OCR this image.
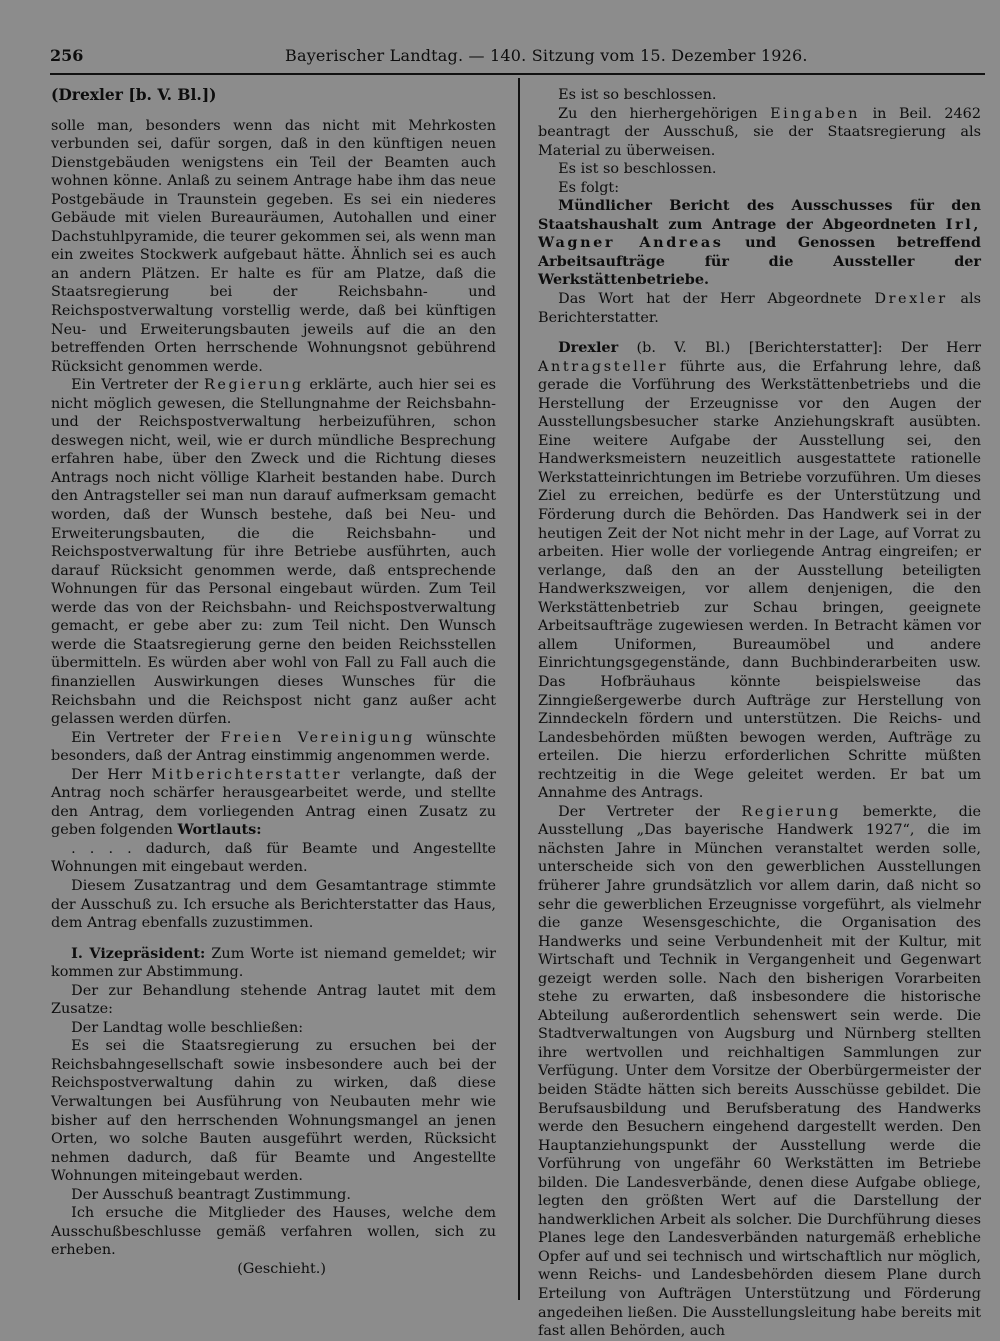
256	Bayerischer Landtag. — 140. Sitzung vom 15. Dezember 1926.

(Drexler [b. V. Bl.])

solle man, besonders wenn das nicht mit Mehrkosten verbunden sei, dafür sorgen, daß in den künftigen neuen Dienstgebäuden wenigstens ein Teil der Beamten auch wohnen könne. Anlaß zu seinem Antrage habe ihm das neue Postgebäude in Traunstein gegeben. Es sei ein niederes Gebäude mit vielen Bureauräumen, Autohallen und einer Dachstuhlpyramide, die teurer gekommen sei, als wenn man ein zweites Stockwerk aufgebaut hätte. Ähnlich sei es auch an andern Plätzen. Er halte es für am Platze, daß die Staatsregierung bei der Reichsbahn- und Reichspostverwaltung vorstellig werde, daß bei künftigen Neu- und Erweiterungsbauten jeweils auf die an den betreffenden Orten herrschende Wohnungsnot gebührend Rücksicht genommen werde.

Ein Vertreter der Regierung erklärte, auch hier sei es nicht möglich gewesen, die Stellungnahme der Reichsbahn- und der Reichspostverwaltung herbeizuführen, schon deswegen nicht, weil, wie er durch mündliche Besprechung erfahren habe, über den Zweck und die Richtung dieses Antrags noch nicht völlige Klarheit bestanden habe. Durch den Antragsteller sei man nun darauf aufmerksam gemacht worden, daß der Wunsch bestehe, daß bei Neu- und Erweiterungsbauten, die die Reichsbahn- und Reichspostverwaltung für ihre Betriebe ausführten, auch darauf Rücksicht genommen werde, daß entsprechende Wohnungen für das Personal eingebaut würden. Zum Teil werde das von der Reichsbahn- und Reichspostverwaltung gemacht, er gebe aber zu: zum Teil nicht. Den Wunsch werde die Staatsregierung gerne den beiden Reichsstellen übermitteln. Es würden aber wohl von Fall zu Fall auch die finanziellen Auswirkungen dieses Wunsches für die Reichsbahn und die Reichspost nicht ganz außer acht gelassen werden dürfen.

Ein Vertreter der Freien Vereinigung wünschte besonders, daß der Antrag einstimmig angenommen werde.

Der Herr Mitberichterstatter verlangte, daß der Antrag noch schärfer herausgearbeitet werde, und stellte den Antrag, dem vorliegenden Antrag einen Zusatz zu geben folgenden Wortlauts:

. . . . dadurch, daß für Beamte und Angestellte Wohnungen mit eingebaut werden.

Diesem Zusatzantrag und dem Gesamtantrage stimmte der Ausschuß zu. Ich ersuche als Berichterstatter das Haus, dem Antrag ebenfalls zuzustimmen.

I. Vizepräsident: Zum Worte ist niemand gemeldet; wir kommen zur Abstimmung.

Der zur Behandlung stehende Antrag lautet mit dem Zusatze:

Der Landtag wolle beschließen:

Es sei die Staatsregierung zu ersuchen bei der Reichsbahngesellschaft sowie insbesondere auch bei der Reichspostverwaltung dahin zu wirken, daß diese Verwaltungen bei Ausführung von Neubauten mehr wie bisher auf den herrschenden Wohnungsmangel an jenen Orten, wo solche Bauten ausgeführt werden, Rücksicht nehmen dadurch, daß für Beamte und Angestellte Wohnungen miteingebaut werden.

Der Ausschuß beantragt Zustimmung.

Ich ersuche die Mitglieder des Hauses, welche dem Ausschußbeschlusse gemäß verfahren wollen, sich zu erheben.

(Geschieht.)

Es ist so beschlossen.

Zu den hierhergehörigen Eingaben in Beil. 2462 beantragt der Ausschuß, sie der Staatsregierung als Material zu überweisen.

Es ist so beschlossen.

Es folgt:

Mündlicher Bericht des Ausschusses für den Staatshaushalt zum Antrage der Abgeordneten Irl, Wagner Andreas und Genossen betreffend Arbeitsaufträge für die Aussteller der Werkstättenbetriebe.

Das Wort hat der Herr Abgeordnete Drexler als Berichterstatter.

Drexler (b. V. Bl.) [Berichterstatter]: Der Herr Antragsteller führte aus, die Erfahrung lehre, daß gerade die Vorführung des Werkstättenbetriebs und die Herstellung der Erzeugnisse vor den Augen der Ausstellungsbesucher starke Anziehungskraft ausübten. Eine weitere Aufgabe der Ausstellung sei, den Handwerksmeistern neuzeitlich ausgestattete rationelle Werkstatteinrichtungen im Betriebe vorzuführen. Um dieses Ziel zu erreichen, bedürfe es der Unterstützung und Förderung durch die Behörden. Das Handwerk sei in der heutigen Zeit der Not nicht mehr in der Lage, auf Vorrat zu arbeiten. Hier wolle der vorliegende Antrag eingreifen; er verlange, daß den an der Ausstellung beteiligten Handwerkszweigen, vor allem denjenigen, die den Werkstättenbetrieb zur Schau bringen, geeignete Arbeitsaufträge zugewiesen werden. In Betracht kämen vor allem Uniformen, Bureaumöbel und andere Einrichtungsgegenstände, dann Buchbinderarbeiten usw. Das Hofbräuhaus könnte beispielsweise das Zinngießergewerbe durch Aufträge zur Herstellung von Zinndeckeln fördern und unterstützen. Die Reichs- und Landesbehörden müßten bewogen werden, Aufträge zu erteilen. Die hierzu erforderlichen Schritte müßten rechtzeitig in die Wege geleitet werden. Er bat um Annahme des Antrags.

Der Vertreter der Regierung bemerkte, die Ausstellung „Das bayerische Handwerk 1927“, die im nächsten Jahre in München veranstaltet werden solle, unterscheide sich von den gewerblichen Ausstellungen früherer Jahre grundsätzlich vor allem darin, daß nicht so sehr die gewerblichen Erzeugnisse vorgeführt, als vielmehr die ganze Wesensgeschichte, die Organisation des Handwerks und seine Verbundenheit mit der Kultur, mit Wirtschaft und Technik in Vergangenheit und Gegenwart gezeigt werden solle. Nach den bisherigen Vorarbeiten stehe zu erwarten, daß insbesondere die historische Abteilung außerordentlich sehenswert sein werde. Die Stadtverwaltungen von Augsburg und Nürnberg stellten ihre wertvollen und reichhaltigen Sammlungen zur Verfügung. Unter dem Vorsitze der Oberbürgermeister der beiden Städte hätten sich bereits Ausschüsse gebildet. Die Berufsausbildung und Berufsberatung des Handwerks werde den Besuchern eingehend dargestellt werden. Den Hauptanziehungspunkt der Ausstellung werde die Vorführung von ungefähr 60 Werkstätten im Betriebe bilden. Die Landesverbände, denen diese Aufgabe obliege, legten den größten Wert auf die Darstellung der handwerklichen Arbeit als solcher. Die Durchführung dieses Planes lege den Landesverbänden naturgemäß erhebliche Opfer auf und sei technisch und wirtschaftlich nur möglich, wenn Reichs- und Landesbehörden diesem Plane durch Erteilung von Aufträgen Unterstützung und Förderung angedeihen ließen. Die Ausstellungsleitung habe bereits mit fast allen Behörden, auch
